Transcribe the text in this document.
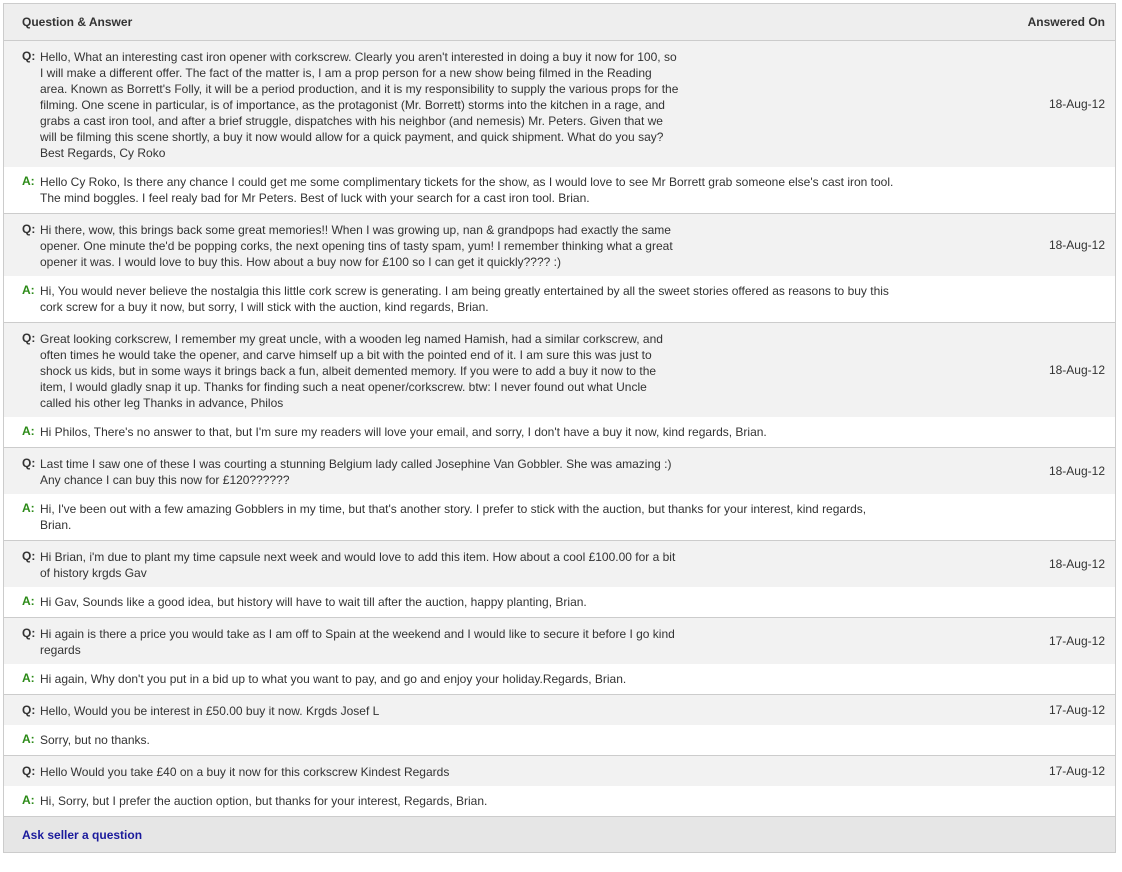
Question & Answer	Answered On
Q: Hello, What an interesting cast iron opener with corkscrew. Clearly you aren't interested in doing a buy it now for 100, so I will make a different offer. The fact of the matter is, I am a prop person for a new show being filmed in the Reading area. Known as Borrett's Folly, it will be a period production, and it is my responsibility to supply the various props for the filming. One scene in particular, is of importance, as the protagonist (Mr. Borrett) storms into the kitchen in a rage, and grabs a cast iron tool, and after a brief struggle, dispatches with his neighbor (and nemesis) Mr. Peters. Given that we will be filming this scene shortly, a buy it now would allow for a quick payment, and quick shipment. What do you say? Best Regards, Cy Roko
18-Aug-12
A: Hello Cy Roko, Is there any chance I could get me some complimentary tickets for the show, as I would love to see Mr Borrett grab someone else's cast iron tool. The mind boggles. I feel realy bad for Mr Peters. Best of luck with your search for a cast iron tool. Brian.
Q: Hi there, wow, this brings back some great memories!! When I was growing up, nan & grandpops had exactly the same opener. One minute the'd be popping corks, the next opening tins of tasty spam, yum! I remember thinking what a great opener it was. I would love to buy this. How about a buy now for £100 so I can get it quickly???? :)
18-Aug-12
A: Hi, You would never believe the nostalgia this little cork screw is generating. I am being greatly entertained by all the sweet stories offered as reasons to buy this cork screw for a buy it now, but sorry, I will stick with the auction, kind regards, Brian.
Q: Great looking corkscrew, I remember my great uncle, with a wooden leg named Hamish, had a similar corkscrew, and often times he would take the opener, and carve himself up a bit with the pointed end of it. I am sure this was just to shock us kids, but in some ways it brings back a fun, albeit demented memory. If you were to add a buy it now to the item, I would gladly snap it up. Thanks for finding such a neat opener/corkscrew. btw: I never found out what Uncle called his other leg Thanks in advance, Philos
18-Aug-12
A: Hi Philos, There's no answer to that, but I'm sure my readers will love your email, and sorry, I don't have a buy it now, kind regards, Brian.
Q: Last time I saw one of these I was courting a stunning Belgium lady called Josephine Van Gobbler. She was amazing :) Any chance I can buy this now for £120??????
18-Aug-12
A: Hi, I've been out with a few amazing Gobblers in my time, but that's another story. I prefer to stick with the auction, but thanks for your interest, kind regards, Brian.
Q: Hi Brian, i'm due to plant my time capsule next week and would love to add this item. How about a cool £100.00 for a bit of history krgds Gav
18-Aug-12
A: Hi Gav, Sounds like a good idea, but history will have to wait till after the auction, happy planting, Brian.
Q: Hi again is there a price you would take as I am off to Spain at the weekend and I would like to secure it before I go kind regards
17-Aug-12
A: Hi again, Why don't you put in a bid up to what you want to pay, and go and enjoy your holiday.Regards, Brian.
Q: Hello, Would you be interest in £50.00 buy it now. Krgds Josef L	17-Aug-12
A: Sorry, but no thanks.
Q: Hello Would you take £40 on a buy it now for this corkscrew Kindest Regards	17-Aug-12
A: Hi, Sorry, but I prefer the auction option, but thanks for your interest, Regards, Brian.
Ask seller a question
